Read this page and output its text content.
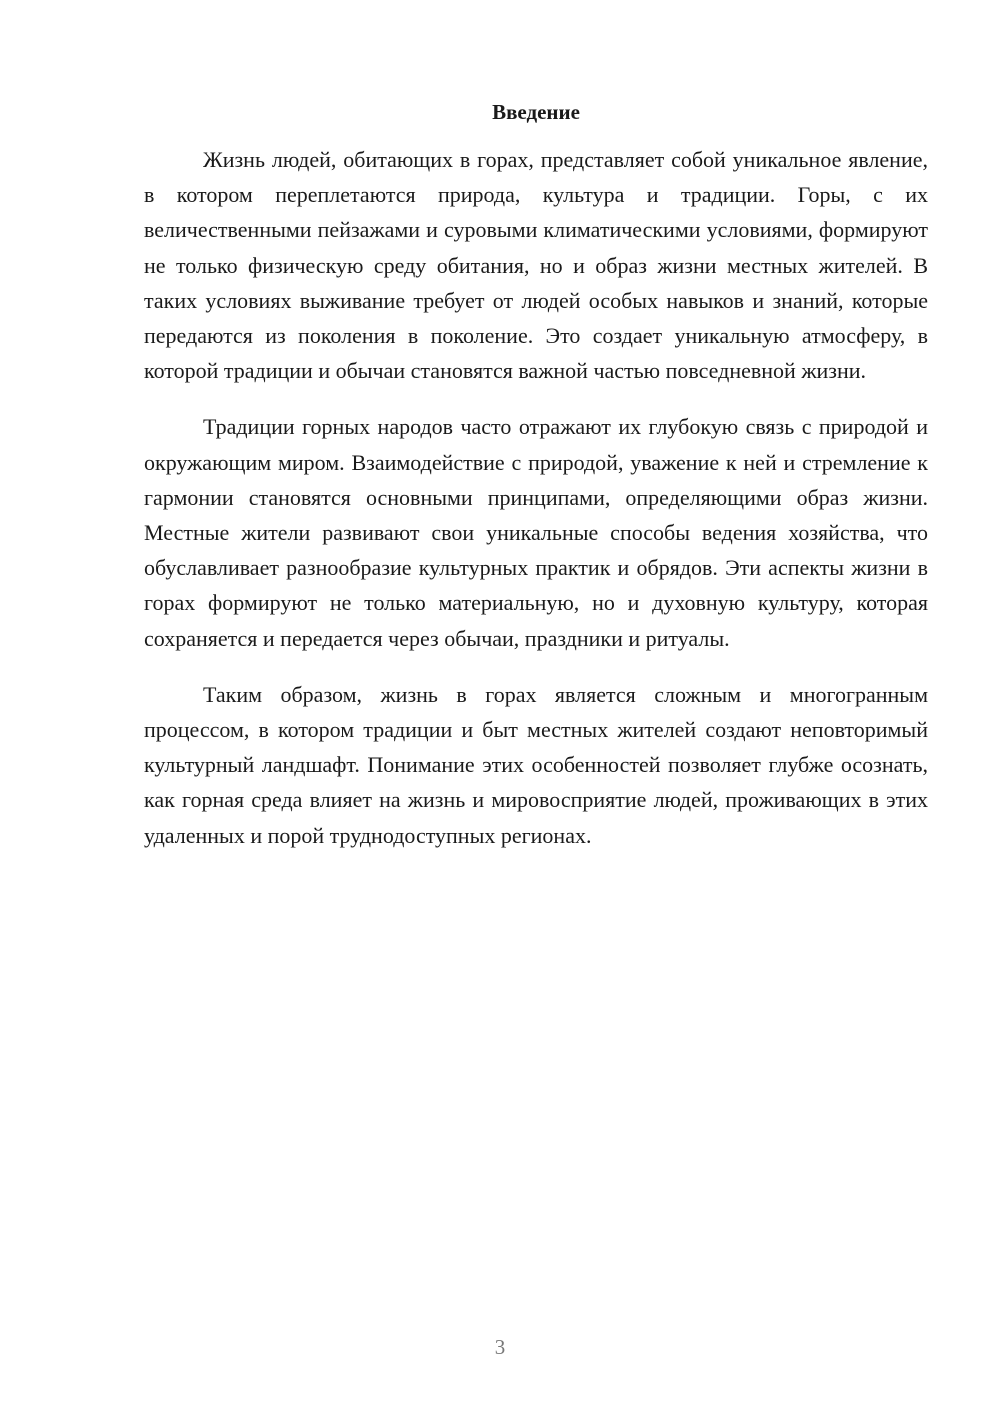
Введение

Жизнь людей, обитающих в горах, представляет собой уникальное явление, в котором переплетаются природа, культура и традиции. Горы, с их величественными пейзажами и суровыми климатическими условиями, формируют не только физическую среду обитания, но и образ жизни местных жителей. В таких условиях выживание требует от людей особых навыков и знаний, которые передаются из поколения в поколение. Это создает уникальную атмосферу, в которой традиции и обычаи становятся важной частью повседневной жизни.

Традиции горных народов часто отражают их глубокую связь с природой и окружающим миром. Взаимодействие с природой, уважение к ней и стремление к гармонии становятся основными принципами, определяющими образ жизни. Местные жители развивают свои уникальные способы ведения хозяйства, что обуславливает разнообразие культурных практик и обрядов. Эти аспекты жизни в горах формируют не только материальную, но и духовную культуру, которая сохраняется и передается через обычаи, праздники и ритуалы.

Таким образом, жизнь в горах является сложным и многогранным процессом, в котором традиции и быт местных жителей создают неповторимый культурный ландшафт. Понимание этих особенностей позволяет глубже осознать, как горная среда влияет на жизнь и мировосприятие людей, проживающих в этих удаленных и порой труднодоступных регионах.

3
